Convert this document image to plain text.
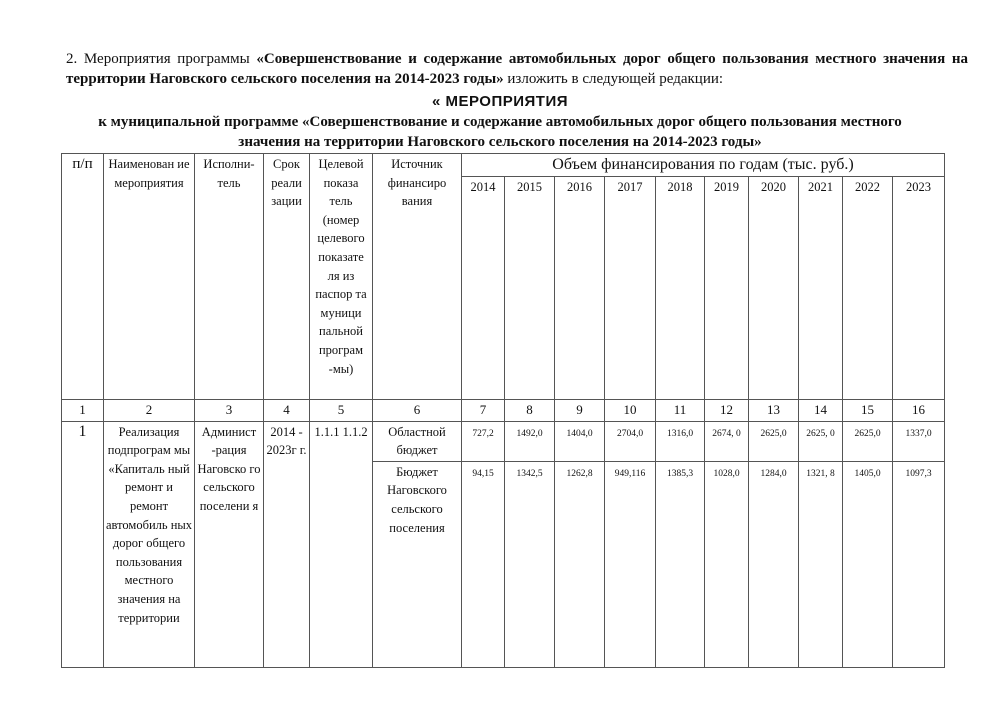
2. Мероприятия программы «Совершенствование и содержание автомобильных дорог общего пользования местного значения на территории Наговского сельского поселения на 2014-2023 годы» изложить в следующей редакции:
« МЕРОПРИЯТИЯ
к муниципальной программе «Совершенствование и содержание автомобильных дорог общего пользования местного
значения на территории Наговского сельского поселения на 2014-2023 годы»
п/п	Наименован ие мероприятия	Исполни- тель	Срок реали зации	Целевой показа тель (номер целевого показате ля из паспор та муници пальной програм -мы)	Источник финансиро вания	Объем финансирования по годам (тыс. руб.)									
						2014	2015	2016	2017	2018	2019	2020	2021	2022	2023
1	2	3	4	5	6	7	8	9	10	11	12	13	14	15	16
1	Реализация подпрограм мы «Капиталь ный ремонт и ремонт автомобиль ных дорог общего пользования местного значения на территории	Админист -рация Наговско го сельского поселени я	2014 - 2023г г.	1.1.1 1.1.2	Областной бюджет	727,2	1492,0	1404,0	2704,0	1316,0	2674, 0	2625,0	2625, 0	2625,0	1337,0
					Бюджет Наговского сельского поселения	94,15	1342,5	1262,8	949,116	1385,3	1028,0	1284,0	1321, 8	1405,0	1097,3
